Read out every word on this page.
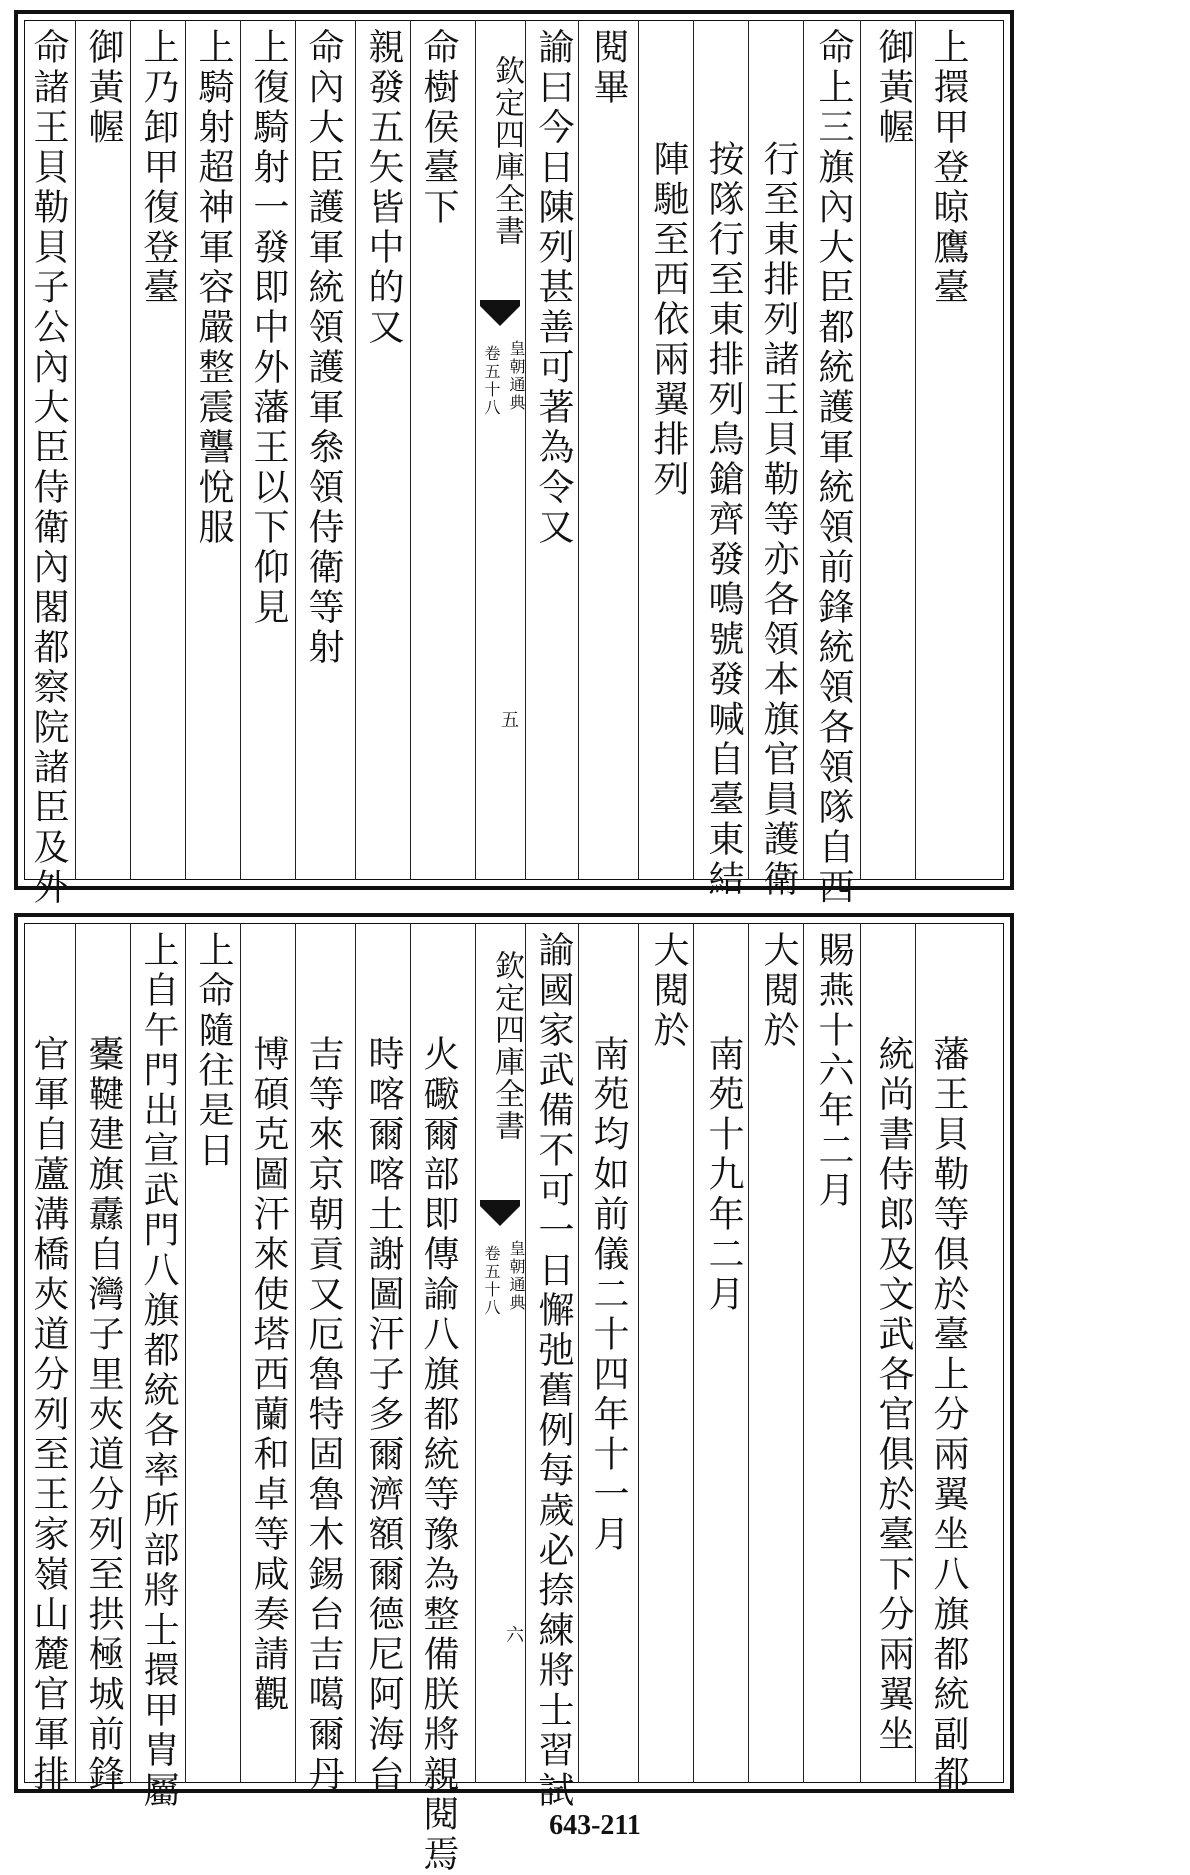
上擐甲登晾鷹臺
御黃幄
命上三旗內大臣都統護軍統領前鋒統領各領隊自西
行至東排列諸王貝勒等亦各領本旗官員護衛
按隊行至東排列鳥鎗齊發鳴號發喊自臺東結
陣馳至西依兩翼排列
閱畢
諭曰今日陳列甚善可著為令又
欽定四庫全書
皇朝通典
卷五十八
五
命樹侯臺下
親發五矢皆中的又
命內大臣護軍統領護軍叅領侍衛等射
上復騎射一發即中外藩王以下仰見
上騎射超神軍容嚴整震讋悅服
上乃卸甲復登臺
御黃幄
命諸王貝勒貝子公內大臣侍衛內閣都察院諸臣及外
藩王貝勒等俱於臺上分兩翼坐八旗都統副都
統尚書侍郎及文武各官俱於臺下分兩翼坐
賜燕十六年二月
大閱於
南苑十九年二月
大閱於
南苑均如前儀二十四年十一月
諭國家武備不可一日懈弛舊例每歲必捺練將士習試
欽定四庫全書
皇朝通典
卷五十八
六
火礮爾部即傳諭八旗都統等豫為整備朕將親閱焉
時喀爾喀土謝圖汗子多爾濟額爾德尼阿海台
吉等來京朝貢又厄魯特固魯木錫台吉噶爾丹
博碩克圖汗來使塔西蘭和卓等咸奏請觀
上命隨往是日
上自午門出宣武門八旗都統各率所部將士擐甲胄屬
櫜鞬建旗纛自灣子里夾道分列至拱極城前鋒
官軍自蘆溝橋夾道分列至王家嶺山麓官軍排
643-211
